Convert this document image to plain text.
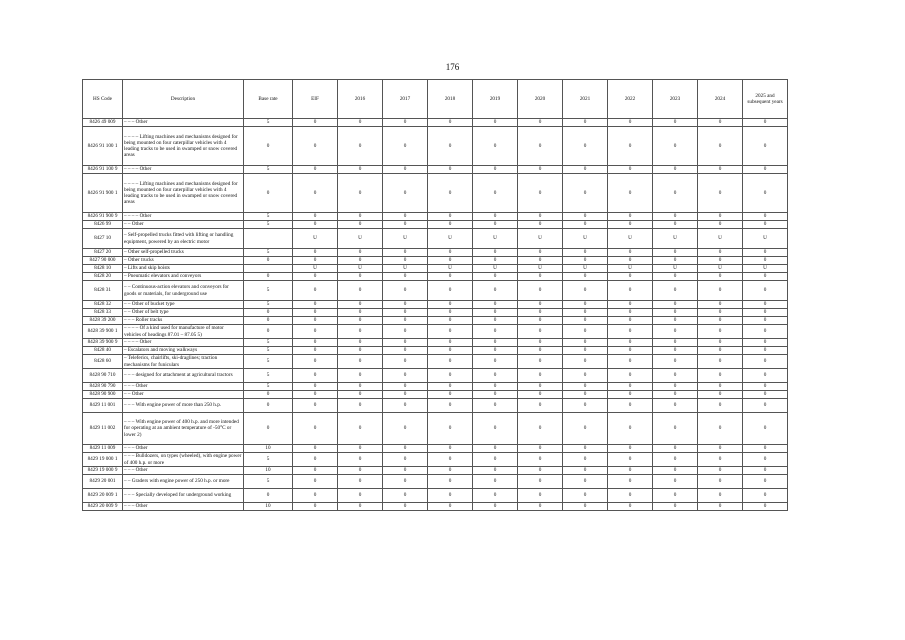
176
HS Code	Description	Base rate	EIF	2016	2017	2018	2019	2020	2021	2022	2023	2024	2025 and subsequent years
8426 49 009	– – – Other	5	0	0	0	0	0	0	0	0	0	0	0
8426 91 100 1	– – – – Lifting machines and mechanisms designed for being mounted on four caterpillar vehicles with 4 leading tracks to be used in swamped or snow covered areas	0	0	0	0	0	0	0	0	0	0	0	0
8426 91 100 9	– – – – Other	5	0	0	0	0	0	0	0	0	0	0	0
8426 91 900 1	– – – – Lifting machines and mechanisms designed for being mounted on four caterpillar vehicles with 4 leading tracks to be used in swamped or snow covered areas	0	0	0	0	0	0	0	0	0	0	0	0
8426 91 900 9	– – – – Other	5	0	0	0	0	0	0	0	0	0	0	0
8426 99	– – Other	5	0	0	0	0	0	0	0	0	0	0	0
8427 10	– Self-propelled trucks fitted with lifting or handling equipment, powered by an electric motor		U	U	U	U	U	U	U	U	U	U	U
8427 20	– Other self-propelled trucks	5	0	0	0	0	0	0	0	0	0	0	0
8427 90 000	– Other trucks	0	0	0	0	0	0	0	0	0	0	0	0
8428 10	– Lifts and skip hoists		U	U	U	U	U	U	U	U	U	U	U
8428 20	– Pneumatic elevators and conveyors	0	0	0	0	0	0	0	0	0	0	0	0
8428 31	– – Continuous-action elevators and conveyors for goods or materials, for underground use	5	0	0	0	0	0	0	0	0	0	0	0
8428 32	– – Other of bucket type	5	0	0	0	0	0	0	0	0	0	0	0
8428 33	– – Other of belt type	0	0	0	0	0	0	0	0	0	0	0	0
8428 39 200	– – – Roller tracks	0	0	0	0	0	0	0	0	0	0	0	0
8428 39 900 1	– – – – Of a kind used for manufacture of motor vehicles of headings 87.01 – 87.05 5)	0	0	0	0	0	0	0	0	0	0	0	0
8428 39 900 9	– – – – Other	5	0	0	0	0	0	0	0	0	0	0	0
8428 40	– Escalators and moving walkways	5	0	0	0	0	0	0	0	0	0	0	0
8428 60	– Teleferics, chairlifts, ski-draglines; traction mechanisms for funiculars	5	0	0	0	0	0	0	0	0	0	0	0
8428 90 710	– – – designed for attachment at agricultural tractors	5	0	0	0	0	0	0	0	0	0	0	0
8428 90 790	– – – Other	5	0	0	0	0	0	0	0	0	0	0	0
8428 90 900	– – Other	0	0	0	0	0	0	0	0	0	0	0	0
8429 11 001	– – – With engine power of more than 250 h.p.	0	0	0	0	0	0	0	0	0	0	0	0
8429 11 002	– – – With engine power of 400 h.p. and more intended for operating at an ambient temperature of -50°C or lower 2)	0	0	0	0	0	0	0	0	0	0	0	0
8429 11 009	– – – Other	10	0	0	0	0	0	0	0	0	0	0	0
8429 19 000 1	– – – Bulldozers, on types (wheeled), with engine power of 400 h.p. or more	5	0	0	0	0	0	0	0	0	0	0	0
8429 19 000 9	– – – Other	10	0	0	0	0	0	0	0	0	0	0	0
8429 20 001	– – Graders with engine power of 250 h.p. or more	5	0	0	0	0	0	0	0	0	0	0	0
8429 20 009 1	– – – Specially developed for underground working	0	0	0	0	0	0	0	0	0	0	0	0
8429 20 009 9	– – – Other	10	0	0	0	0	0	0	0	0	0	0	0
